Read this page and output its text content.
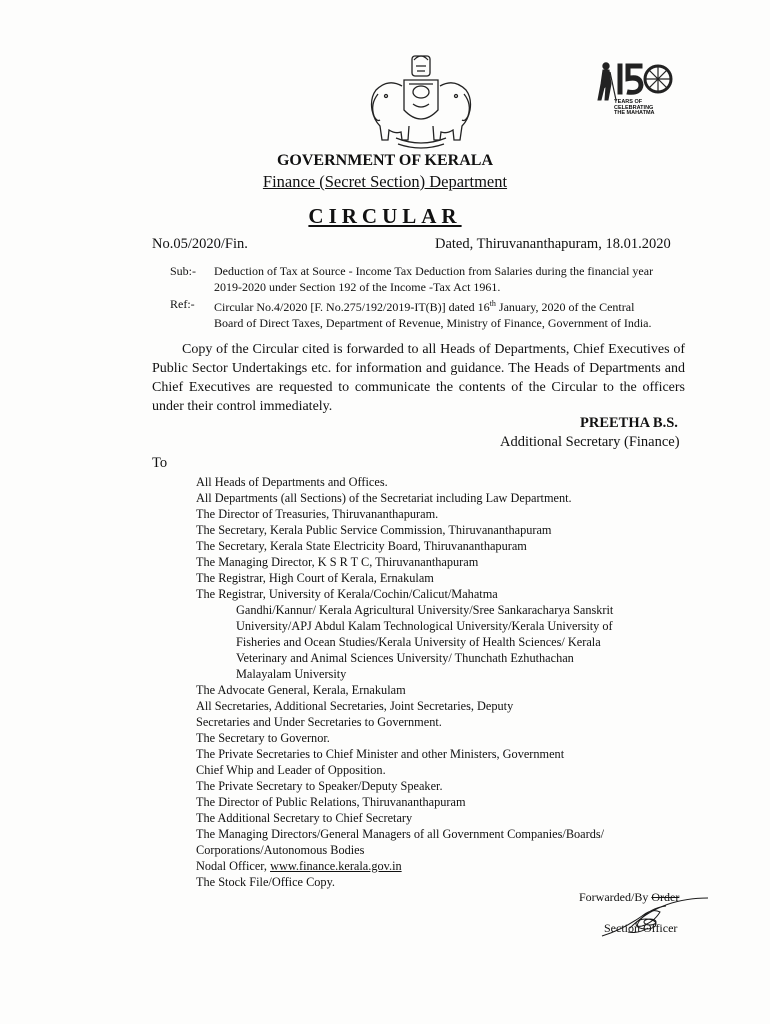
YEARS OF
CELEBRATING
THE MAHATMA
GOVERNMENT OF KERALA
Finance (Secret Section) Department
CIRCULAR
No.05/2020/Fin.	Dated, Thiruvananthapuram, 18.01.2020
Sub:-	Deduction of Tax at Source - Income Tax Deduction from Salaries during the financial year
2019-2020 under Section 192 of the Income -Tax Act 1961.
Ref:-	Circular No.4/2020 [F. No.275/192/2019-IT(B)] dated 16th January, 2020 of the Central
Board of Direct Taxes, Department of Revenue, Ministry of Finance, Government of India.
Copy of the Circular cited is forwarded to all Heads of Departments, Chief Executives of Public Sector Undertakings etc. for information and guidance. The Heads of Departments and Chief Executives are requested to communicate the contents of the Circular to the officers under their control immediately.
PREETHA B.S.
Additional Secretary (Finance)
To
All Heads of Departments and Offices.
All Departments (all Sections) of the Secretariat including Law Department.
The Director of Treasuries, Thiruvananthapuram.
The Secretary, Kerala Public Service Commission, Thiruvananthapuram
The Secretary, Kerala State Electricity Board, Thiruvananthapuram
The Managing Director, K S R T C, Thiruvananthapuram
The Registrar, High Court of Kerala, Ernakulam
The Registrar, University of Kerala/Cochin/Calicut/Mahatma
Gandhi/Kannur/ Kerala Agricultural University/Sree Sankaracharya Sanskrit
University/APJ Abdul Kalam Technological University/Kerala University of
Fisheries and Ocean Studies/Kerala University of Health Sciences/ Kerala
Veterinary and Animal Sciences University/ Thunchath Ezhuthachan
Malayalam University
The Advocate General, Kerala, Ernakulam
All Secretaries, Additional Secretaries, Joint Secretaries, Deputy
Secretaries and Under Secretaries to Government.
The Secretary to Governor.
The Private Secretaries to Chief Minister and other Ministers, Government
Chief Whip and Leader of Opposition.
The Private Secretary to Speaker/Deputy Speaker.
The Director of Public Relations, Thiruvananthapuram
The Additional Secretary to Chief Secretary
The Managing Directors/General Managers of all Government Companies/Boards/
Corporations/Autonomous Bodies
Nodal Officer, www.finance.kerala.gov.in
The Stock File/Office Copy.
Forwarded/By Order
Section Officer
